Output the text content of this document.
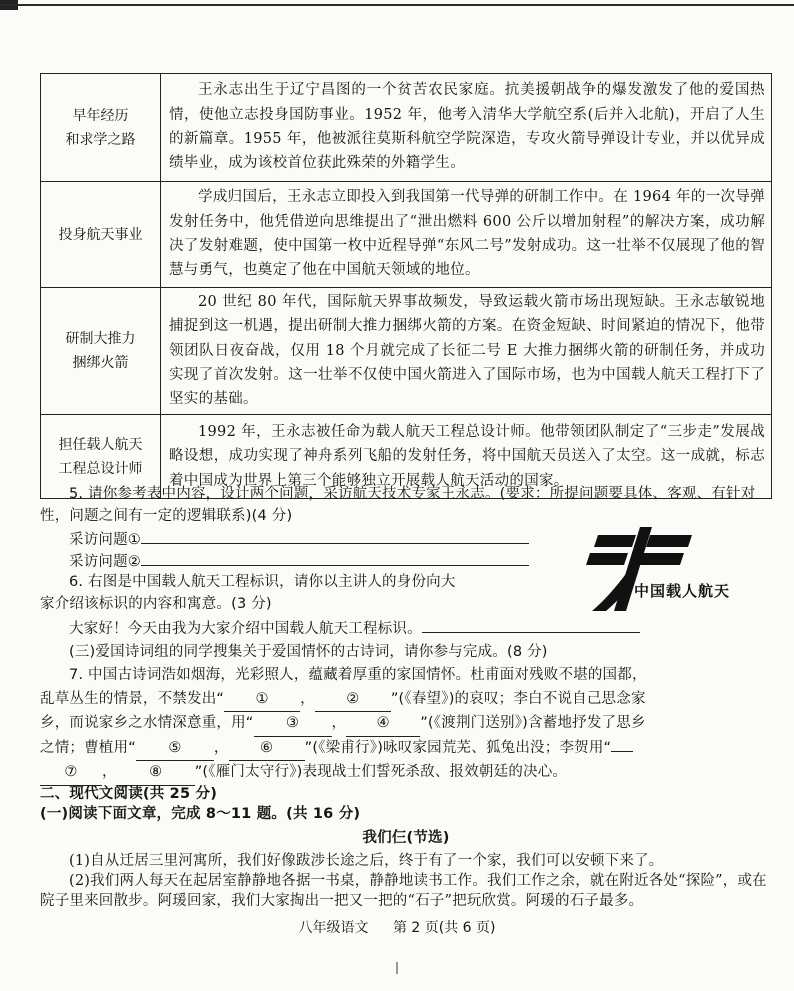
早年经历
和求学之路	王永志出生于辽宁昌图的一个贫苦农民家庭。抗美援朝战争的爆发激发了他的爱国热情，使他立志投身国防事业。1952 年，他考入清华大学航空系(后并入北航)，开启了人生的新篇章。1955 年，他被派往莫斯科航空学院深造，专攻火箭导弹设计专业，并以优异成绩毕业，成为该校首位获此殊荣的外籍学生。

投身航天事业	学成归国后，王永志立即投入到我国第一代导弹的研制工作中。在 1964 年的一次导弹发射任务中，他凭借逆向思维提出了“泄出燃料 600 公斤以增加射程”的解决方案，成功解决了发射难题，使中国第一枚中近程导弹“东风二号”发射成功。这一壮举不仅展现了他的智慧与勇气，也奠定了他在中国航天领域的地位。

研制大推力
捆绑火箭	20 世纪 80 年代，国际航天界事故频发，导致运载火箭市场出现短缺。王永志敏锐地捕捉到这一机遇，提出研制大推力捆绑火箭的方案。在资金短缺、时间紧迫的情况下，他带领团队日夜奋战，仅用 18 个月就完成了长征二号 E 大推力捆绑火箭的研制任务，并成功实现了首次发射。这一壮举不仅使中国火箭进入了国际市场，也为中国载人航天工程打下了坚实的基础。

担任载人航天
工程总设计师	1992 年，王永志被任命为载人航天工程总设计师。他带领团队制定了“三步走”发展战略设想，成功实现了神舟系列飞船的发射任务，将中国航天员送入了太空。这一成就，标志着中国成为世界上第三个能够独立开展载人航天活动的国家。
5. 请你参考表中内容，设计两个问题，采访航天技术专家王永志。(要求：所提问题要具体、客观、有针对性，问题之间有一定的逻辑联系)(4 分)
采访问题①
采访问题②
6. 右图是中国载人航天工程标识，请你以主讲人的身份向大
家介绍该标识的内容和寓意。(3 分)
大家好！今天由我为大家介绍中国载人航天工程标识。
中国载人航天
(三)爱国诗词组的同学搜集关于爱国情怀的古诗词，请你参与完成。(8 分)
7. 中国古诗词浩如烟海，光彩照人，蕴藏着厚重的家国情怀。杜甫面对残败不堪的国都，
乱草丛生的情景，不禁发出“ ① ， ② ”(《春望》)的哀叹；李白不说自己思念家
乡，而说家乡之水情深意重，用“ ③ ， ④ ”(《渡荆门送别》)含蓄地抒发了思乡
之情；曹植用“ ⑤ ， ⑥ ”(《梁甫行》)咏叹家园荒芜、狐兔出没；李贺用“
⑦ ， ⑧ ”(《雁门太守行》)表现战士们誓死杀敌、报效朝廷的决心。
二、现代文阅读(共 25 分)
(一)阅读下面文章，完成 8～11 题。(共 16 分)
我们仨(节选)
(1)自从迁居三里河寓所，我们好像跋涉长途之后，终于有了一个家，我们可以安顿下来了。
(2)我们两人每天在起居室静静地各据一书桌，静静地读书工作。我们工作之余，就在附近各处“探险”，或在院子里来回散步。阿瑗回家，我们大家掏出一把又一把的“石子”把玩欣赏。阿瑗的石子最多。
八年级语文 第 2 页(共 6 页)
